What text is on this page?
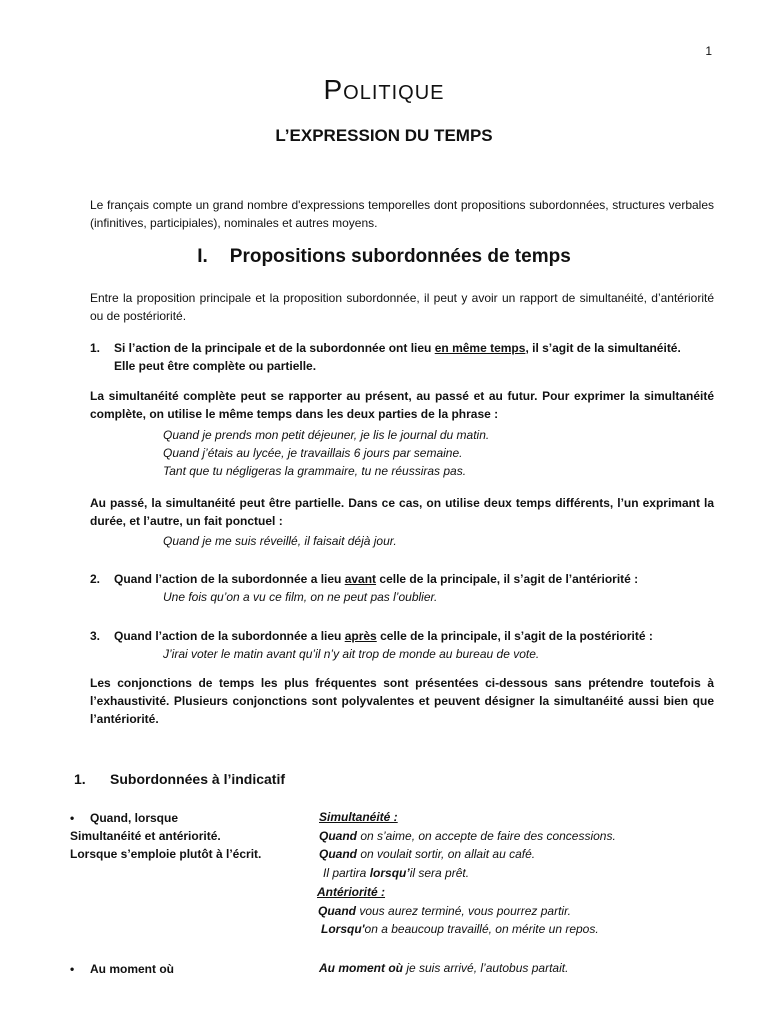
1
Politique
L’EXPRESSION DU TEMPS
Le français compte un grand nombre d'expressions temporelles dont propositions subordonnées, structures verbales (infinitives, participiales), nominales et autres moyens.
I. Propositions subordonnées de temps
Entre la proposition principale et la proposition subordonnée, il peut y avoir un rapport de simultanéité, d’antériorité ou de postériorité.
1. Si l’action de la principale et de la subordonnée ont lieu en même temps, il s’agit de la simultanéité.
Elle peut être complète ou partielle.
La simultanéité complète peut se rapporter au présent, au passé et au futur. Pour exprimer la simultanéité complète, on utilise le même temps dans les deux parties de la phrase :
Quand je prends mon petit déjeuner, je lis le journal du matin.
Quand j’étais au lycée, je travaillais 6 jours par semaine.
Tant que tu négligeras la grammaire, tu ne réussiras pas.
Au passé, la simultanéité peut être partielle. Dans ce cas, on utilise deux temps différents, l’un exprimant la durée, et l’autre, un fait ponctuel :
Quand je me suis réveillé, il faisait déjà jour.
2. Quand l’action de la subordonnée a lieu avant celle de la principale, il s’agit de l’antériorité :
Une fois qu’on a vu ce film, on ne peut pas l’oublier.
3. Quand l’action de la subordonnée a lieu après celle de la principale, il s’agit de la postériorité :
J’irai voter le matin avant qu’il n’y ait trop de monde au bureau de vote.
Les conjonctions de temps les plus fréquentes sont présentées ci-dessous sans prétendre toutefois à l’exhaustivité. Plusieurs conjonctions sont polyvalentes et peuvent désigner la simultanéité aussi bien que l’antériorité.
1. Subordonnées à l’indicatif
• Quand, lorsque
Simultanéité et antériorité.
Lorsque s’emploie plutôt à l’écrit.
Simultanéité :
Quand on s’aime, on accepte de faire des concessions.
Quand on voulait sortir, on allait au café.
Il partira lorsqu’il sera prêt.
Antériorité :
Quand vous aurez terminé, vous pourrez partir.
Lorsqu'on a beaucoup travaillé, on mérite un repos.
• Au moment où	Au moment où je suis arrivé, l’autobus partait.
